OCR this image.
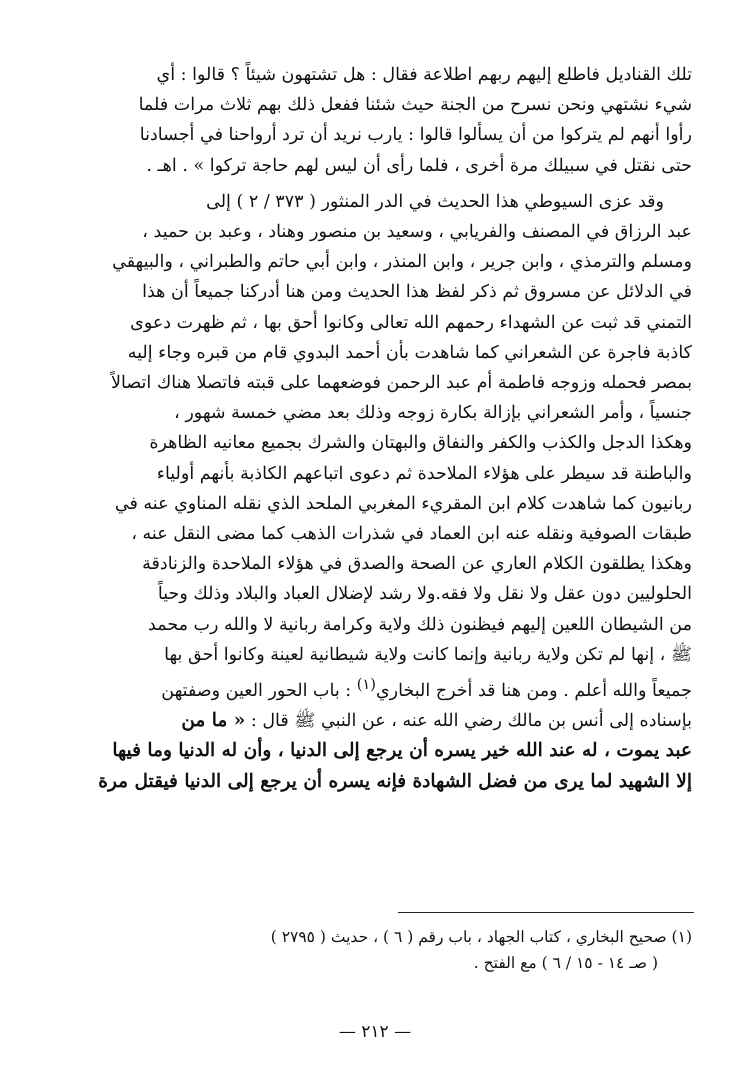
تلك القناديل فاطلع إليهم ربهم اطلاعة فقال : هل تشتهون شيئاً ؟ قالوا : أي

شيء نشتهي ونحن نسرح من الجنة حيث شئنا ففعل ذلك بهم ثلاث مرات فلما

رأوا أنهم لم يتركوا من أن يسألوا قالوا : يارب نريد أن ترد أرواحنا في أجسادنا

حتى نقتل في سبيلك مرة أخرى ، فلما رأى أن ليس لهم حاجة تركوا » . اهـ .

وقد عزى السيوطي هذا الحديث في الدر المنثور ( ٣٧٣ / ٢ ) إلى

عبد الرزاق في المصنف والفريابي ، وسعيد بن منصور وهناد ، وعبد بن حميد ،

ومسلم والترمذي ، وابن جرير ، وابن المنذر ، وابن أبي حاتم والطبراني ، والبيهقي

في الدلائل عن مسروق ثم ذكر لفظ هذا الحديث ومن هنا أدركنا جميعاً أن هذا

التمني قد ثبت عن الشهداء رحمهم الله تعالى وكانوا أحق بها ، ثم ظهرت دعوى

كاذبة فاجرة عن الشعراني كما شاهدت بأن أحمد البدوي قام من قبره وجاء إليه

بمصر فحمله وزوجه فاطمة أم عبد الرحمن فوضعهما على قبته فاتصلا هناك اتصالاً

جنسياً ، وأمر الشعراني بإزالة بكارة زوجه وذلك بعد مضي خمسة شهور ،

وهكذا الدجل والكذب والكفر والنفاق والبهتان والشرك بجميع معانيه الظاهرة

والباطنة قد سيطر على هؤلاء الملاحدة ثم دعوى اتباعهم الكاذبة بأنهم أولياء

ربانيون كما شاهدت كلام ابن المقريء المغربي الملحد الذي نقله المناوي عنه في

طبقات الصوفية ونقله عنه ابن العماد في شذرات الذهب كما مضى النقل عنه ،

وهكذا يطلقون الكلام العاري عن الصحة والصدق في هؤلاء الملاحدة والزنادقة

الحلوليين دون عقل ولا نقل ولا فقه.ولا رشد لإضلال العباد والبلاد وذلك وحياً

من الشيطان اللعين إليهم فيظنون ذلك ولاية وكرامة ربانية لا والله رب محمد

ﷺ ، إنها لم تكن ولاية ربانية وإنما كانت ولاية شيطانية لعينة وكانوا أحق بها

جميعاً والله أعلم . ومن هنا قد أخرج البخاري$^{(١)}$ : باب الحور العين وصفتهن

بإسناده إلى أنس بن مالك رضي الله عنه ، عن النبي ﷺ قال : « ما من

عبد يموت ، له عند الله خير يسره أن يرجع إلى الدنيا ، وأن له الدنيا وما فيها

إلا الشهيد لما يرى من فضل الشهادة فإنه يسره أن يرجع إلى الدنيا فيقتل مرة

(١) صحيح البخاري ، كتاب الجهاد ، باب رقم ( ٦ ) ، حديث ( ٢٧٩٥ )

( صـ ١٤ - ١٥ / ٦ ) مع الفتح .

— ٢١٢ —
